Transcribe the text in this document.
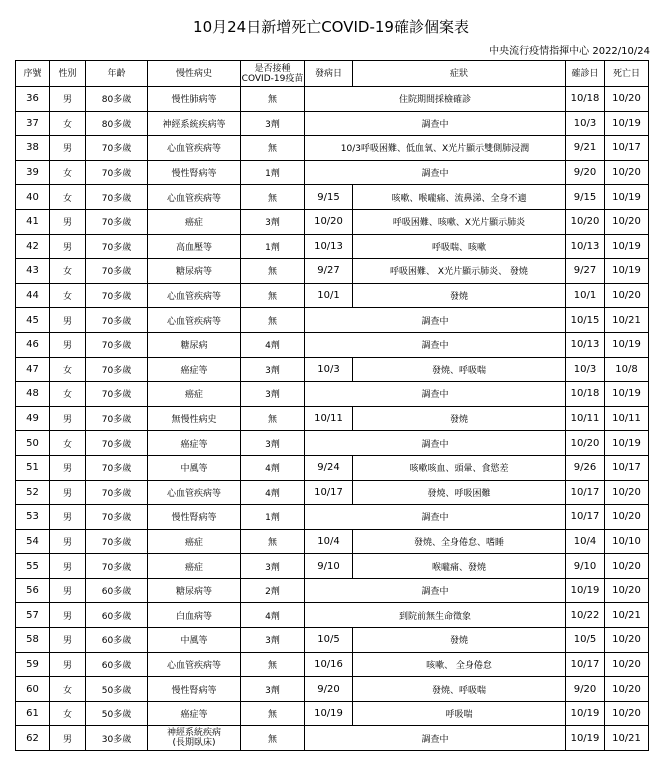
10月24日新增死亡COVID-19確診個案表
中央流行疫情指揮中心 2022/10/24
序號	性別	年齡	慢性病史	是否接種
COVID-19疫苗	發病日	症狀	確診日	死亡日
36	男	80多歲	慢性肺病等	無	住院期間採檢確診		10/18	10/20
37	女	80多歲	神經系統疾病等	3劑	調查中		10/3	10/19
38	男	70多歲	心血管疾病等	無	10/3呼吸困難、低血氧、X光片顯示雙側肺浸潤		9/21	10/17
39	女	70多歲	慢性腎病等	1劑	調查中		9/20	10/20
40	女	70多歲	心血管疾病等	無	9/15	咳嗽、喉嚨痛、流鼻涕、全身不適	9/15	10/19
41	男	70多歲	癌症	3劑	10/20	呼吸困難、咳嗽、X光片顯示肺炎	10/20	10/20
42	男	70多歲	高血壓等	1劑	10/13	呼吸喘、咳嗽	10/13	10/19
43	女	70多歲	糖尿病等	無	9/27	呼吸困難、 X光片顯示肺炎、 發燒	9/27	10/19
44	女	70多歲	心血管疾病等	無	10/1	發燒	10/1	10/20
45	男	70多歲	心血管疾病等	無	調查中		10/15	10/21
46	男	70多歲	糖尿病	4劑	調查中		10/13	10/19
47	女	70多歲	癌症等	3劑	10/3	發燒、呼吸喘	10/3	10/8
48	女	70多歲	癌症	3劑	調查中		10/18	10/19
49	男	70多歲	無慢性病史	無	10/11	發燒	10/11	10/11
50	女	70多歲	癌症等	3劑	調查中		10/20	10/19
51	男	70多歲	中風等	4劑	9/24	咳嗽咳血、頭暈、食慾差	9/26	10/17
52	男	70多歲	心血管疾病等	4劑	10/17	發燒、呼吸困難	10/17	10/20
53	男	70多歲	慢性腎病等	1劑	調查中		10/17	10/20
54	男	70多歲	癌症	無	10/4	發燒、全身倦怠、嗜睡	10/4	10/10
55	男	70多歲	癌症	3劑	9/10	喉嚨痛、發燒	9/10	10/20
56	男	60多歲	糖尿病等	2劑	調查中		10/19	10/20
57	男	60多歲	白血病等	4劑	到院前無生命徵象		10/22	10/21
58	男	60多歲	中風等	3劑	10/5	發燒	10/5	10/20
59	男	60多歲	心血管疾病等	無	10/16	咳嗽、 全身倦怠	10/17	10/20
60	女	50多歲	慢性腎病等	3劑	9/20	發燒、呼吸喘	9/20	10/20
61	女	50多歲	癌症等	無	10/19	呼吸喘	10/19	10/20
62	男	30多歲	神經系統疾病
(長期臥床)	無	調查中		10/19	10/21
